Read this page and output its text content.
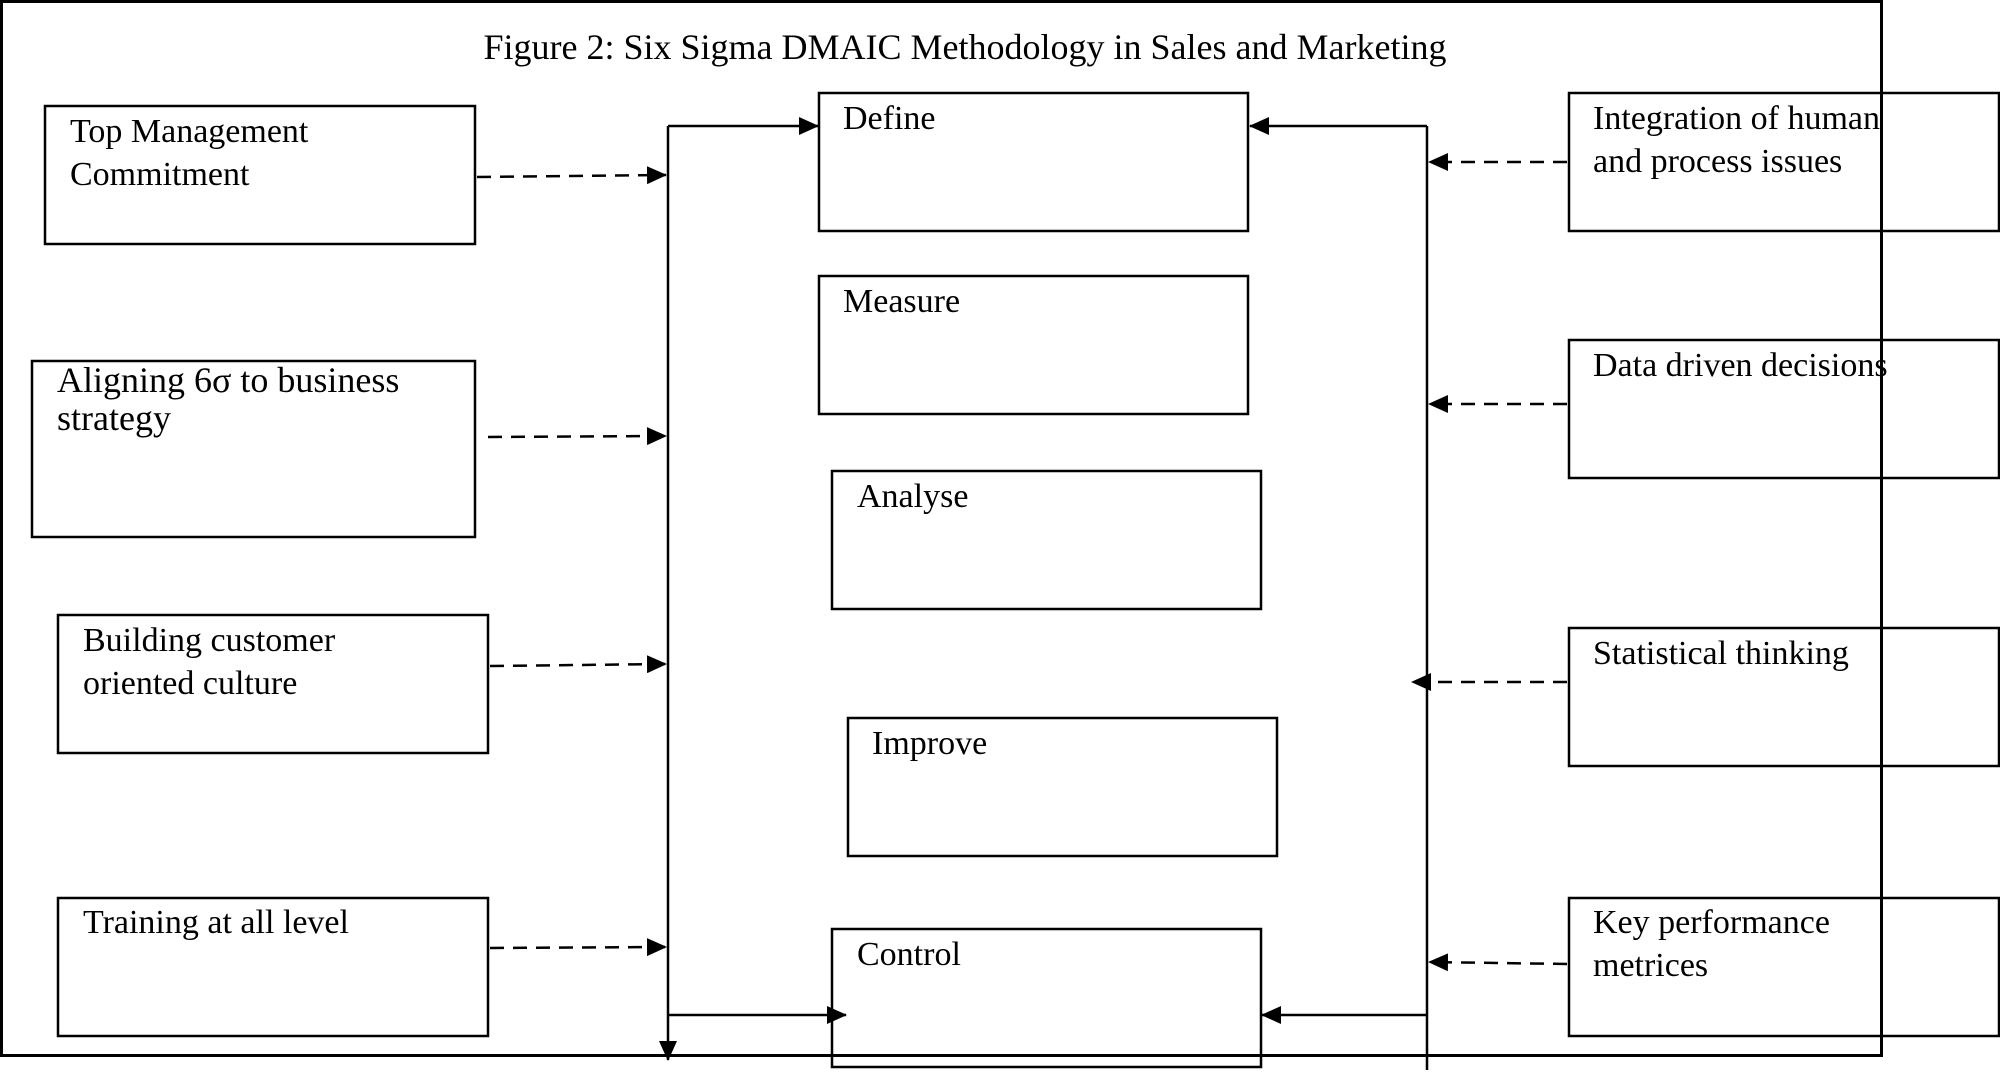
Figure 2: Six Sigma DMAIC Methodology in Sales and Marketing
Define
Measure
Analyse
Improve
Control
Top Management Commitment
Aligning 6σ to business strategy
Building customer oriented culture
Training at all level
Integration of human and process issues
Data driven decisions
Statistical thinking
Key performance metrices
